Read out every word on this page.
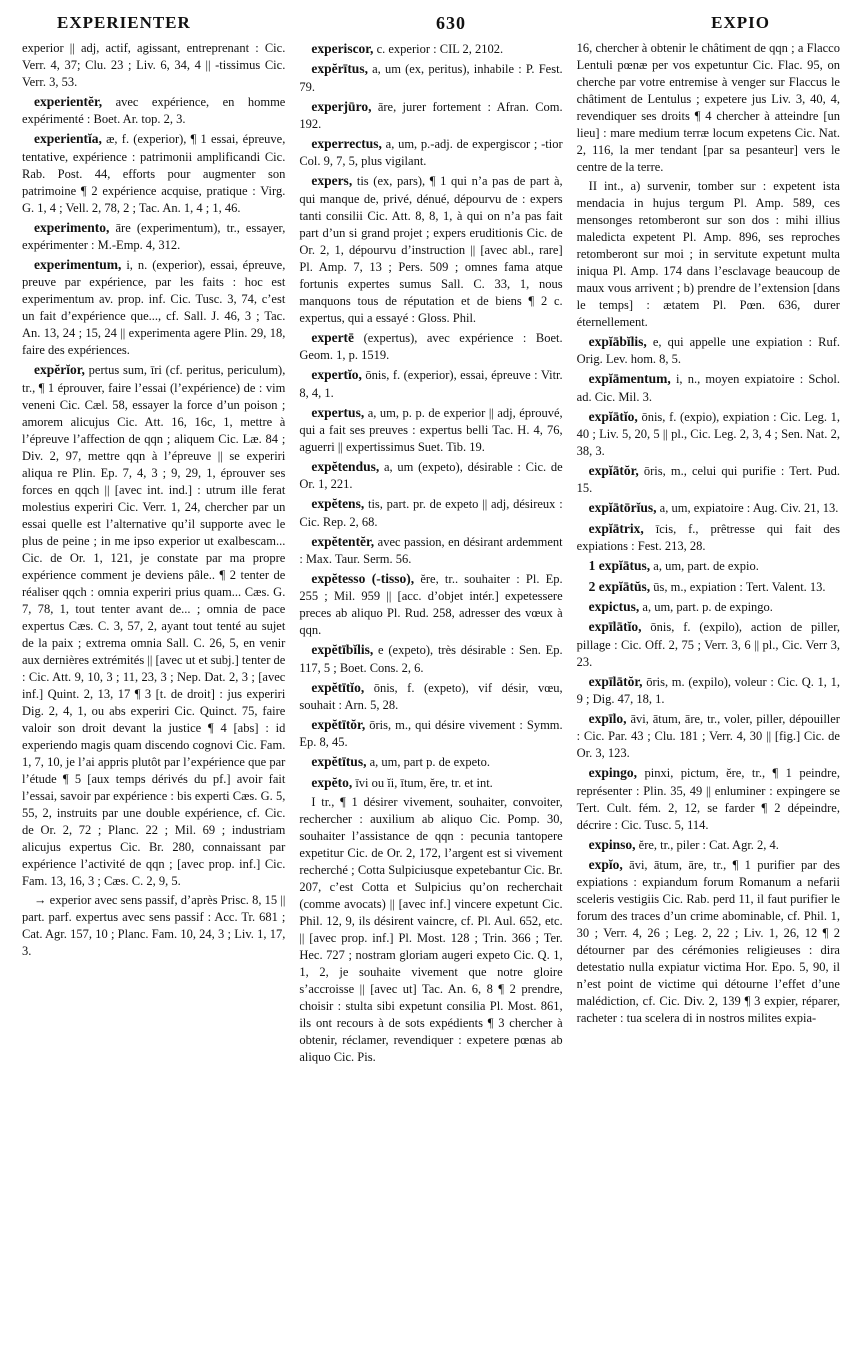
EXPERIENTER	630	EXPIO

experior || adj, actif, agissant, entreprenant : Cic. Verr. 4, 37; Clu. 23 ; Liv. 6, 34, 4 || -tissimus Cic. Verr. 3, 53.

experientĕr, avec expérience, en homme expérimenté : Boet. Ar. top. 2, 3.

experientĭa, æ, f. (experior), ¶ 1 essai, épreuve, tentative, expérience : patrimonii amplificandi Cic. Rab. Post. 44, efforts pour augmenter son patrimoine ¶ 2 expérience acquise, pratique : Virg. G. 1, 4 ; Vell. 2, 78, 2 ; Tac. An. 1, 4 ; 1, 46.

experimento, āre (experimentum), tr., essayer, expérimenter : M.-Emp. 4, 312.

experimentum, i, n. (experior), essai, épreuve, preuve par expérience, par les faits : hoc est experimentum av. prop. inf. Cic. Tusc. 3, 74, c’est un fait d’expérience que..., cf. Sall. J. 46, 3 ; Tac. An. 13, 24 ; 15, 24 || experimenta agere Plin. 29, 18, faire des expériences.

expĕrĭor, pertus sum, īri (cf. peritus, periculum), tr., ¶ 1 éprouver, faire l’essai (l’expérience) de : vim veneni Cic. Cæl. 58, essayer la force d’un poison ; amorem alicujus Cic. Att. 16, 16c, 1, mettre à l’épreuve l’affection de qqn ; aliquem Cic. Læ. 84 ; Div. 2, 97, mettre qqn à l’épreuve || se experiri aliqua re Plin. Ep. 7, 4, 3 ; 9, 29, 1, éprouver ses forces en qqch || [avec int. ind.] : utrum ille ferat molestius experiri Cic. Verr. 1, 24, chercher par un essai quelle est l’alternative qu’il supporte avec le plus de peine ; in me ipso experior ut exalbescam... Cic. de Or. 1, 121, je constate par ma propre expérience comment je deviens pâle.. ¶ 2 tenter de réaliser qqch : omnia experiri prius quam... Cæs. G. 7, 78, 1, tout tenter avant de... ; omnia de pace expertus Cæs. C. 3, 57, 2, ayant tout tenté au sujet de la paix ; extrema omnia Sall. C. 26, 5, en venir aux dernières extrémités || [avec ut et subj.] tenter de : Cic. Att. 9, 10, 3 ; 11, 23, 3 ; Nep. Dat. 2, 3 ; [avec inf.] Quint. 2, 13, 17 ¶ 3 [t. de droit] : jus experiri Dig. 2, 4, 1, ou abs experiri Cic. Quinct. 75, faire valoir son droit devant la justice ¶ 4 [abs] : id experiendo magis quam discendo cognovi Cic. Fam. 1, 7, 10, je l’ai appris plutôt par l’expérience que par l’étude ¶ 5 [aux temps dérivés du pf.] avoir fait l’essai, savoir par expérience : bis experti Cæs. G. 5, 55, 2, instruits par une double expérience, cf. Cic. de Or. 2, 72 ; Planc. 22 ; Mil. 69 ; industriam alicujus expertus Cic. Br. 280, connaissant par expérience l’activité de qqn ; [avec prop. inf.] Cic. Fam. 13, 16, 3 ; Cæs. C. 2, 9, 5.

→ experior avec sens passif, d’après Prisc. 8, 15 || part. parf. expertus avec sens passif : Acc. Tr. 681 ; Cat. Agr. 157, 10 ; Planc. Fam. 10, 24, 3 ; Liv. 1, 17, 3.

experiscor, c. experior : CIL 2, 2102.

expĕrītus, a, um (ex, peritus), inhabile : P. Fest. 79.

experjūro, āre, jurer fortement : Afran. Com. 192.

experrectus, a, um, p.-adj. de expergiscor ; -tior Col. 9, 7, 5, plus vigilant.

expers, tis (ex, pars), ¶ 1 qui n’a pas de part à, qui manque de, privé, dénué, dépourvu de : expers tanti consilii Cic. Att. 8, 8, 1, à qui on n’a pas fait part d’un si grand projet ; expers eruditionis Cic. de Or. 2, 1, dépourvu d’instruction || [avec abl., rare] Pl. Amp. 7, 13 ; Pers. 509 ; omnes fama atque fortunis expertes sumus Sall. C. 33, 1, nous manquons tous de réputation et de biens ¶ 2 c. expertus, qui a essayé : Gloss. Phil.

expertē (expertus), avec expérience : Boet. Geom. 1, p. 1519.

expertĭo, ōnis, f. (experior), essai, épreuve : Vitr. 8, 4, 1.

expertus, a, um, p. p. de experior || adj, éprouvé, qui a fait ses preuves : expertus belli Tac. H. 4, 76, aguerri || expertissimus Suet. Tib. 19.

expĕtendus, a, um (expeto), désirable : Cic. de Or. 1, 221.

expĕtens, tis, part. pr. de expeto || adj, désireux : Cic. Rep. 2, 68.

expĕtentĕr, avec passion, en désirant ardemment : Max. Taur. Serm. 56.

expĕtesso (-tisso), ĕre, tr.. souhaiter : Pl. Ep. 255 ; Mil. 959 || [acc. d’objet intér.] expetessere preces ab aliquo Pl. Rud. 258, adresser des vœux à qqn.

expĕtībĭlis, e (expeto), très désirable : Sen. Ep. 117, 5 ; Boet. Cons. 2, 6.

expĕtītĭo, ōnis, f. (expeto), vif désir, vœu, souhait : Arn. 5, 28.

expĕtītŏr, ōris, m., qui désire vivement : Symm. Ep. 8, 45.

expĕtītus, a, um, part p. de expeto.

expĕto, īvi ou ĭi, ītum, ĕre, tr. et int.

I tr., ¶ 1 désirer vivement, souhaiter, convoiter, rechercher : auxilium ab aliquo Cic. Pomp. 30, souhaiter l’assistance de qqn : pecunia tantopere expetitur Cic. de Or. 2, 172, l’argent est si vivement recherché ; Cotta Sulpiciusque expetebantur Cic. Br. 207, c’est Cotta et Sulpicius qu’on recherchait (comme avocats) || [avec inf.] vincere expetunt Cic. Phil. 12, 9, ils désirent vaincre, cf. Pl. Aul. 652, etc. || [avec prop. inf.] Pl. Most. 128 ; Trin. 366 ; Ter. Hec. 727 ; nostram gloriam augeri expeto Cic. Q. 1, 1, 2, je souhaite vivement que notre gloire s’accroisse || [avec ut] Tac. An. 6, 8 ¶ 2 prendre, choisir : stulta sibi expetunt consilia Pl. Most. 861, ils ont recours à de sots expédients ¶ 3 chercher à obtenir, réclamer, revendiquer : expetere pœnas ab aliquo Cic. Pis.

16, chercher à obtenir le châtiment de qqn ; a Flacco Lentuli pœnæ per vos expetuntur Cic. Flac. 95, on cherche par votre entremise à venger sur Flaccus le châtiment de Lentulus ; expetere jus Liv. 3, 40, 4, revendiquer ses droits ¶ 4 chercher à atteindre [un lieu] : mare medium terræ locum expetens Cic. Nat. 2, 116, la mer tendant [par sa pesanteur] vers le centre de la terre.

II int., a) survenir, tomber sur : expetent ista mendacia in hujus tergum Pl. Amp. 589, ces mensonges retomberont sur son dos : mihi illius maledicta expetent Pl. Amp. 896, ses reproches retomberont sur moi ; in servitute expetunt multa iniqua Pl. Amp. 174 dans l’esclavage beaucoup de maux vous arrivent ; b) prendre de l’extension [dans le temps] : ætatem Pl. Pœn. 636, durer éternellement.

expĭābĭlis, e, qui appelle une expiation : Ruf. Orig. Lev. hom. 8, 5.

expĭāmentum, i, n., moyen expiatoire : Schol. ad. Cic. Mil. 3.

expĭātĭo, ōnis, f. (expio), expiation : Cic. Leg. 1, 40 ; Liv. 5, 20, 5 || pl., Cic. Leg. 2, 3, 4 ; Sen. Nat. 2, 38, 3.

expĭātŏr, ōris, m., celui qui purifie : Tert. Pud. 15.

expĭātōrĭus, a, um, expiatoire : Aug. Civ. 21, 13.

expĭātrix, īcis, f., prêtresse qui fait des expiations : Fest. 213, 28.

1 expĭātus, a, um, part. de expio.

2 expĭātŭs, ūs, m., expiation : Tert. Valent. 13.

expictus, a, um, part. p. de expingo.

expīlātĭo, ōnis, f. (expilo), action de piller, pillage : Cic. Off. 2, 75 ; Verr. 3, 6 || pl., Cic. Verr 3, 23.

expīlātŏr, ōris, m. (expilo), voleur : Cic. Q. 1, 1, 9 ; Dig. 47, 18, 1.

expīlo, āvi, ātum, āre, tr., voler, piller, dépouiller : Cic. Par. 43 ; Clu. 181 ; Verr. 4, 30 || [fig.] Cic. de Or. 3, 123.

expingo, pinxi, pictum, ĕre, tr., ¶ 1 peindre, représenter : Plin. 35, 49 || enluminer : expingere se Tert. Cult. fém. 2, 12, se farder ¶ 2 dépeindre, décrire : Cic. Tusc. 5, 114.

expinso, ĕre, tr., piler : Cat. Agr. 2, 4.

expĭo, āvi, ātum, āre, tr., ¶ 1 purifier par des expiations : expiandum forum Romanum a nefarii sceleris vestigiis Cic. Rab. perd 11, il faut purifier le forum des traces d’un crime abominable, cf. Phil. 1, 30 ; Verr. 4, 26 ; Leg. 2, 22 ; Liv. 1, 26, 12 ¶ 2 détourner par des cérémonies religieuses : dira detestatio nulla expiatur victima Hor. Epo. 5, 90, il n’est point de victime qui détourne l’effet d’une malédiction, cf. Cic. Div. 2, 139 ¶ 3 expier, réparer, racheter : tua scelera di in nostros milites expia-
